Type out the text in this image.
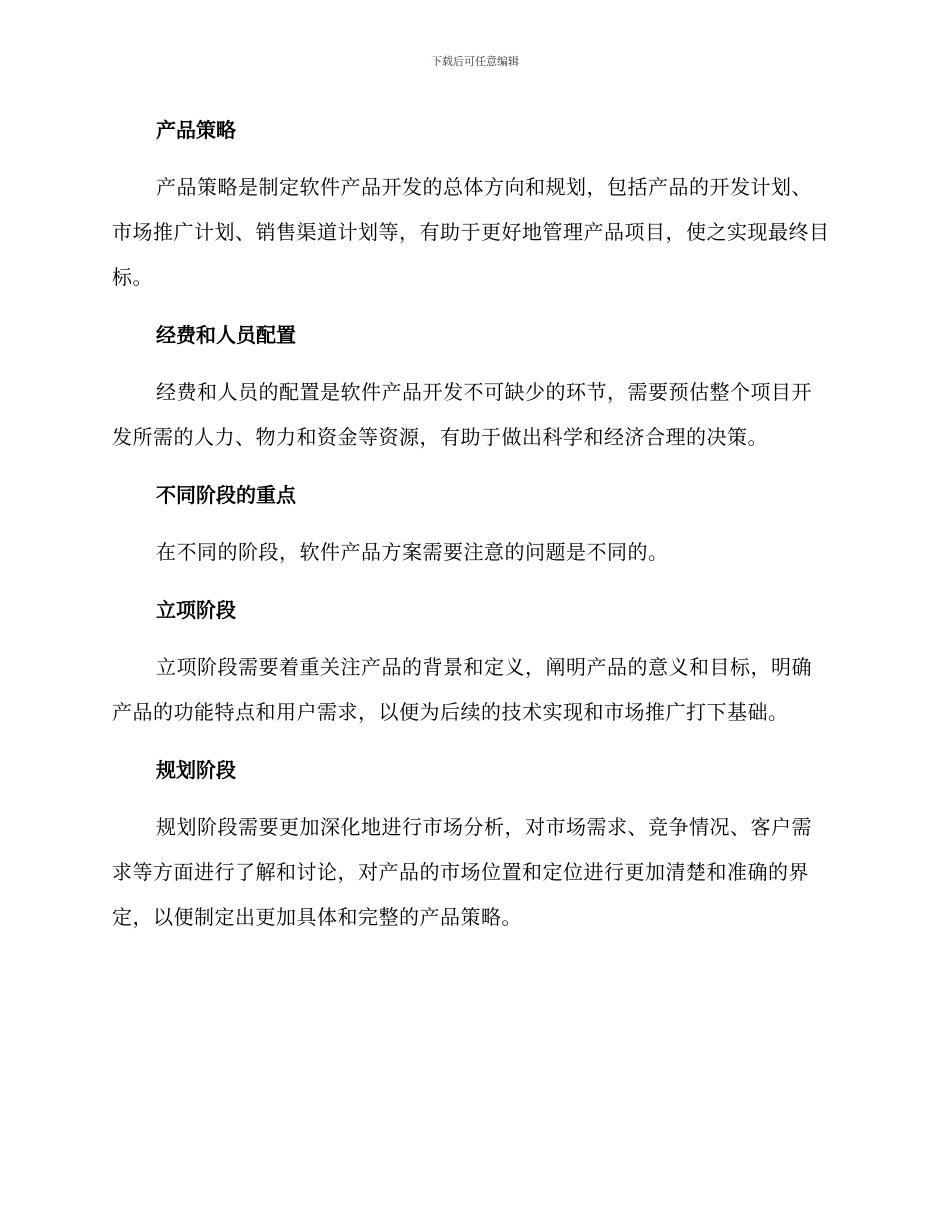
下载后可任意编辑
产品策略

产品策略是制定软件产品开发的总体方向和规划，包括产品的开发计划、市场推广计划、销售渠道计划等，有助于更好地管理产品项目，使之实现最终目标。

经费和人员配置

经费和人员的配置是软件产品开发不可缺少的环节，需要预估整个项目开发所需的人力、物力和资金等资源，有助于做出科学和经济合理的决策。

不同阶段的重点

在不同的阶段，软件产品方案需要注意的问题是不同的。

立项阶段

立项阶段需要着重关注产品的背景和定义，阐明产品的意义和目标，明确产品的功能特点和用户需求，以便为后续的技术实现和市场推广打下基础。

规划阶段

规划阶段需要更加深化地进行市场分析，对市场需求、竞争情况、客户需求等方面进行了解和讨论，对产品的市场位置和定位进行更加清楚和准确的界定，以便制定出更加具体和完整的产品策略。
